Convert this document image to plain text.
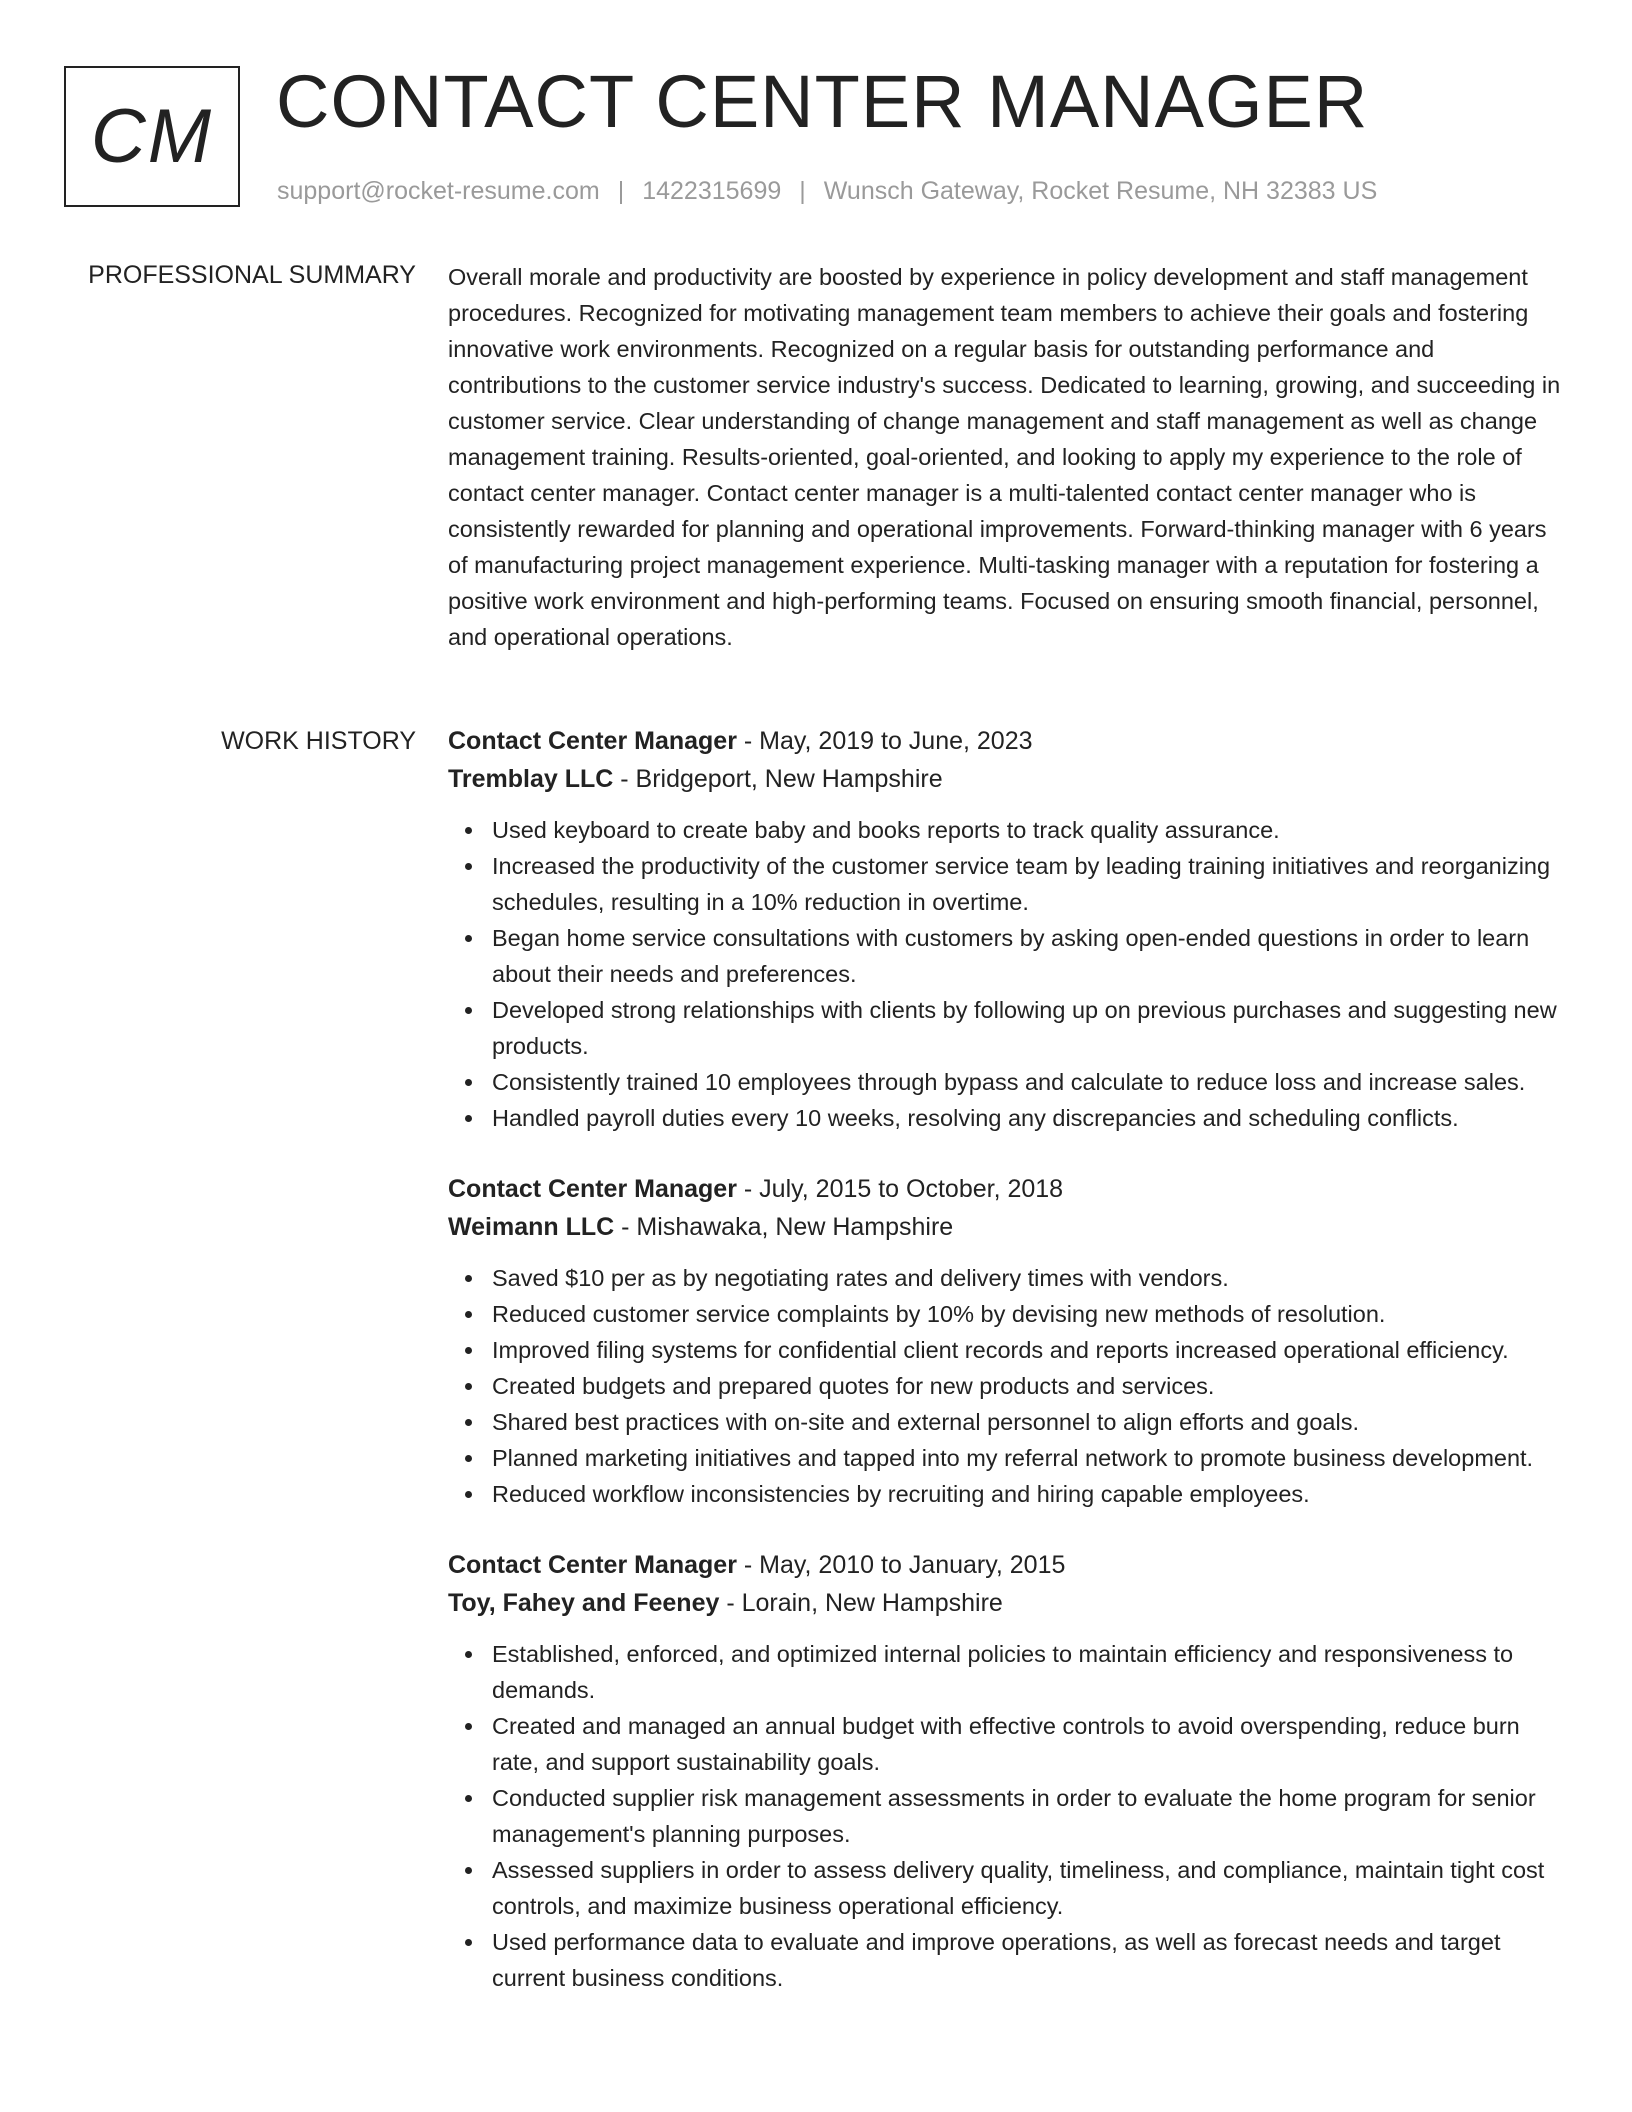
CM CONTACT CENTER MANAGER
support@rocket-resume.com | 1422315699 | Wunsch Gateway, Rocket Resume, NH 32383 US
PROFESSIONAL SUMMARY Overall morale and productivity are boosted by experience in policy development and staff management procedures. Recognized for motivating management team members to achieve their goals and fostering innovative work environments. Recognized on a regular basis for outstanding performance and contributions to the customer service industry's success. Dedicated to learning, growing, and succeeding in customer service. Clear understanding of change management and staff management as well as change management training. Results-oriented, goal-oriented, and looking to apply my experience to the role of contact center manager. Contact center manager is a multi-talented contact center manager who is consistently rewarded for planning and operational improvements. Forward-thinking manager with 6 years of manufacturing project management experience. Multi-tasking manager with a reputation for fostering a positive work environment and high-performing teams. Focused on ensuring smooth financial, personnel, and operational operations.

WORK HISTORY Contact Center Manager - May, 2019 to June, 2023
Tremblay LLC - Bridgeport, New Hampshire
Used keyboard to create baby and books reports to track quality assurance.
Increased the productivity of the customer service team by leading training initiatives and reorganizing schedules, resulting in a 10% reduction in overtime.
Began home service consultations with customers by asking open-ended questions in order to learn about their needs and preferences.
Developed strong relationships with clients by following up on previous purchases and suggesting new products.
Consistently trained 10 employees through bypass and calculate to reduce loss and increase sales.
Handled payroll duties every 10 weeks, resolving any discrepancies and scheduling conflicts.
Contact Center Manager - July, 2015 to October, 2018
Weimann LLC - Mishawaka, New Hampshire
Saved $10 per as by negotiating rates and delivery times with vendors.
Reduced customer service complaints by 10% by devising new methods of resolution.
Improved filing systems for confidential client records and reports increased operational efficiency.
Created budgets and prepared quotes for new products and services.
Shared best practices with on-site and external personnel to align efforts and goals.
Planned marketing initiatives and tapped into my referral network to promote business development.
Reduced workflow inconsistencies by recruiting and hiring capable employees.
Contact Center Manager - May, 2010 to January, 2015
Toy, Fahey and Feeney - Lorain, New Hampshire
Established, enforced, and optimized internal policies to maintain efficiency and responsiveness to demands.
Created and managed an annual budget with effective controls to avoid overspending, reduce burn rate, and support sustainability goals.
Conducted supplier risk management assessments in order to evaluate the home program for senior management's planning purposes.
Assessed suppliers in order to assess delivery quality, timeliness, and compliance, maintain tight cost controls, and maximize business operational efficiency.
Used performance data to evaluate and improve operations, as well as forecast needs and target current business conditions.
